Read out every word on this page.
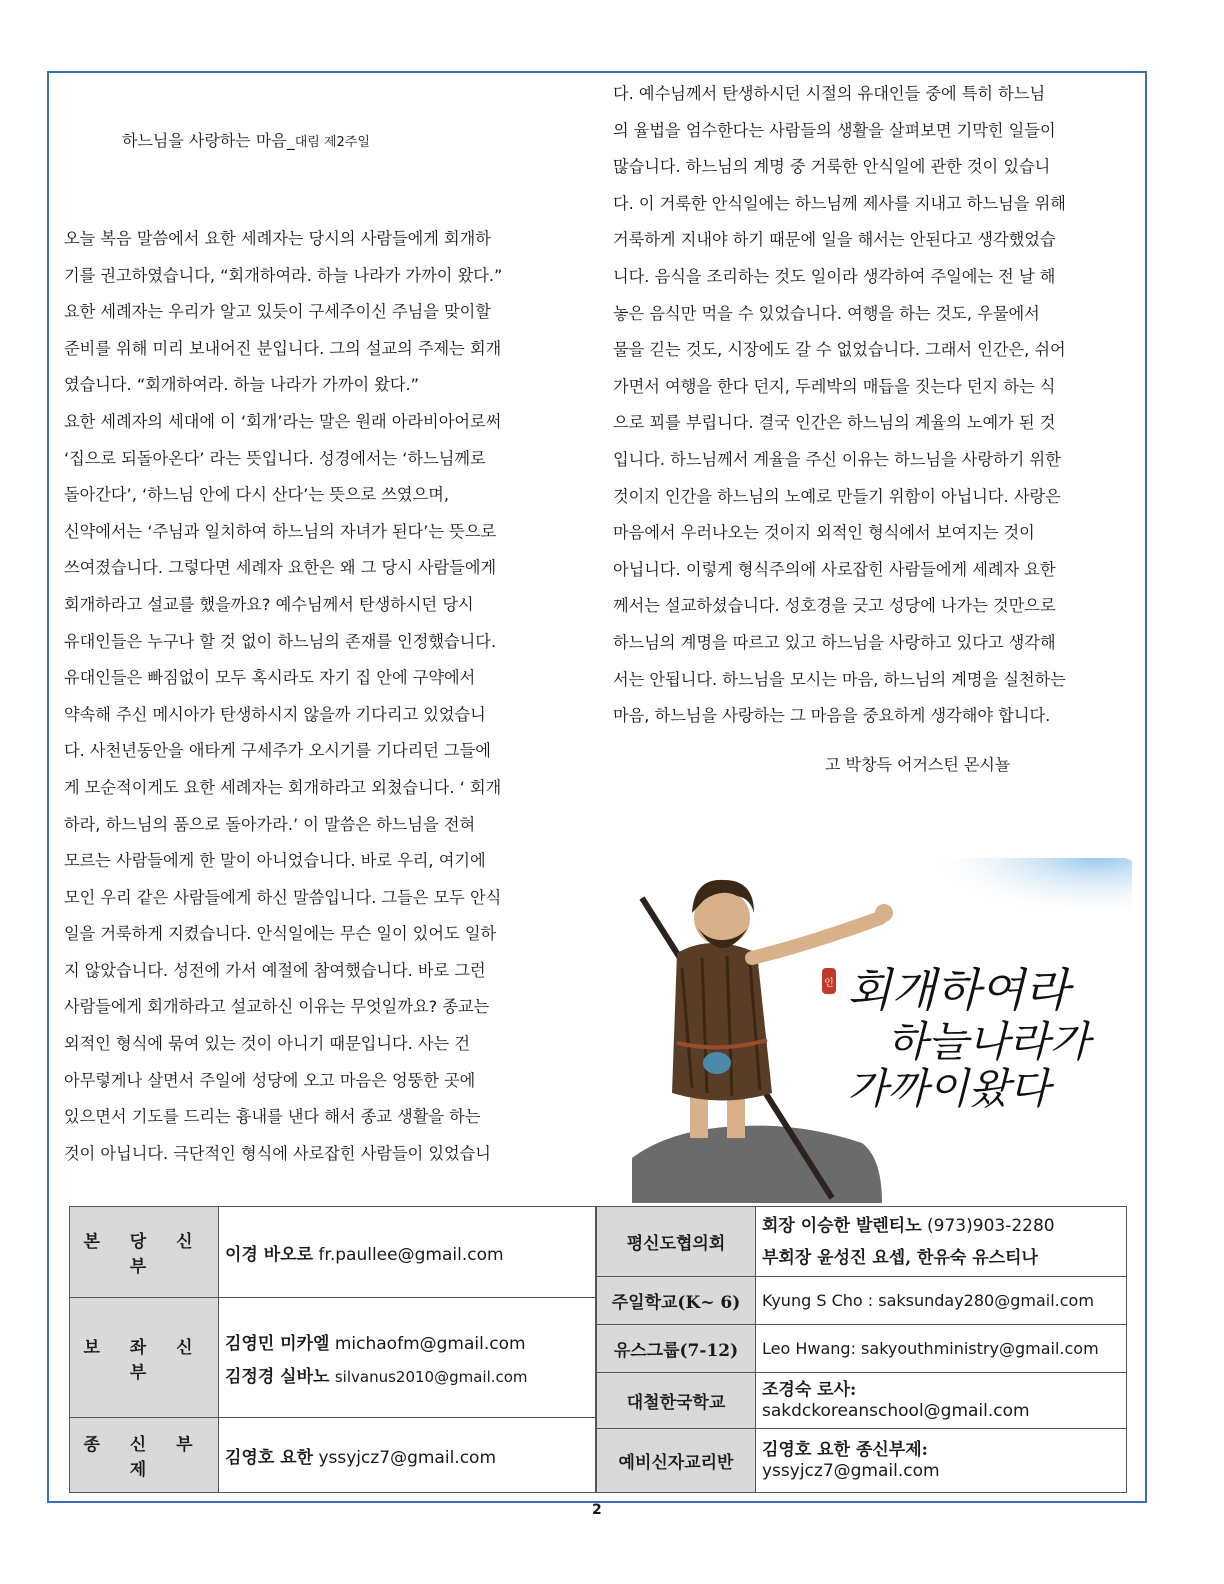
하느님을 사랑하는 마음_대림 제2주일
오늘 복음 말씀에서 요한 세례자는 당시의 사람들에게 회개하
기를 권고하였습니다, “회개하여라. 하늘 나라가 가까이 왔다.”
요한 세례자는 우리가 알고 있듯이 구세주이신 주님을 맞이할
준비를 위해 미리 보내어진 분입니다. 그의 설교의 주제는 회개
였습니다. “회개하여라. 하늘 나라가 가까이 왔다.”
요한 세례자의 세대에 이 ‘회개’라는 말은 원래 아라비아어로써
‘집으로 되돌아온다’ 라는 뜻입니다. 성경에서는 ‘하느님께로
돌아간다’, ‘하느님 안에 다시 산다’는 뜻으로 쓰였으며,
신약에서는 ‘주님과 일치하여 하느님의 자녀가 된다’는 뜻으로
쓰여졌습니다. 그렇다면 세례자 요한은 왜 그 당시 사람들에게
회개하라고 설교를 했을까요? 예수님께서 탄생하시던 당시
유대인들은 누구나 할 것 없이 하느님의 존재를 인정했습니다.
유대인들은 빠짐없이 모두 혹시라도 자기 집 안에 구약에서
약속해 주신 메시아가 탄생하시지 않을까 기다리고 있었습니
다. 사천년동안을 애타게 구세주가 오시기를 기다리던 그들에
게 모순적이게도 요한 세례자는 회개하라고 외쳤습니다. ‘ 회개
하라, 하느님의 품으로 돌아가라.’ 이 말씀은 하느님을 전혀
모르는 사람들에게 한 말이 아니었습니다. 바로 우리, 여기에
모인 우리 같은 사람들에게 하신 말씀입니다. 그들은 모두 안식
일을 거룩하게 지켰습니다. 안식일에는 무슨 일이 있어도 일하
지 않았습니다. 성전에 가서 예절에 참여했습니다. 바로 그런
사람들에게 회개하라고 설교하신 이유는 무엇일까요? 종교는
외적인 형식에 묶여 있는 것이 아니기 때문입니다. 사는 건
아무렇게나 살면서 주일에 성당에 오고 마음은 엉뚱한 곳에
있으면서 기도를 드리는 흉내를 낸다 해서 종교 생활을 하는
것이 아닙니다. 극단적인 형식에 사로잡힌 사람들이 있었습니
다. 예수님께서 탄생하시던 시절의 유대인들 중에 특히 하느님
의 율법을 엄수한다는 사람들의 생활을 살펴보면 기막힌 일들이
많습니다. 하느님의 계명 중 거룩한 안식일에 관한 것이 있습니
다. 이 거룩한 안식일에는 하느님께 제사를 지내고 하느님을 위해
거룩하게 지내야 하기 때문에 일을 해서는 안된다고 생각했었습
니다. 음식을 조리하는 것도 일이라 생각하여 주일에는 전 날 해
놓은 음식만 먹을 수 있었습니다. 여행을 하는 것도, 우물에서
물을 긷는 것도, 시장에도 갈 수 없었습니다. 그래서 인간은, 쉬어
가면서 여행을 한다 던지, 두레박의 매듭을 짓는다 던지 하는 식
으로 꾀를 부립니다. 결국 인간은 하느님의 계율의 노예가 된 것
입니다. 하느님께서 계율을 주신 이유는 하느님을 사랑하기 위한
것이지 인간을 하느님의 노예로 만들기 위함이 아닙니다. 사랑은
마음에서 우러나오는 것이지 외적인 형식에서 보여지는 것이
아닙니다. 이렇게 형식주의에 사로잡힌 사람들에게 세례자 요한
께서는 설교하셨습니다. 성호경을 긋고 성당에 나가는 것만으로
하느님의 계명을 따르고 있고 하느님을 사랑하고 있다고 생각해
서는 안됩니다. 하느님을 모시는 마음, 하느님의 계명을 실천하는
마음, 하느님을 사랑하는 그 마음을 중요하게 생각해야 합니다.
고 박창득 어거스틴 몬시뇰
인 회개하여라
하늘나라가
가까이왔다
본 당 신 부	이경 바오로 fr.paullee@gmail.com
보 좌 신 부	김영민 미카엘 michaofm@gmail.com
김정경 실바노 silvanus2010@gmail.com

종 신 부 제	김영호 요한 yssyjcz7@gmail.com
평신도협의회	회장 이승한 발렌티노 (973)903-2280
부회장 윤성진 요셉, 한유숙 유스티나

주일학교(K~ 6)	Kyung S Cho : saksunday280@gmail.com
유스그룹(7-12)	Leo Hwang: sakyouthministry@gmail.com
대철한국학교	조경숙 로사:
sakdckoreanschool@gmail.com

예비신자교리반	김영호 요한 종신부제:
yssyjcz7@gmail.com
2
